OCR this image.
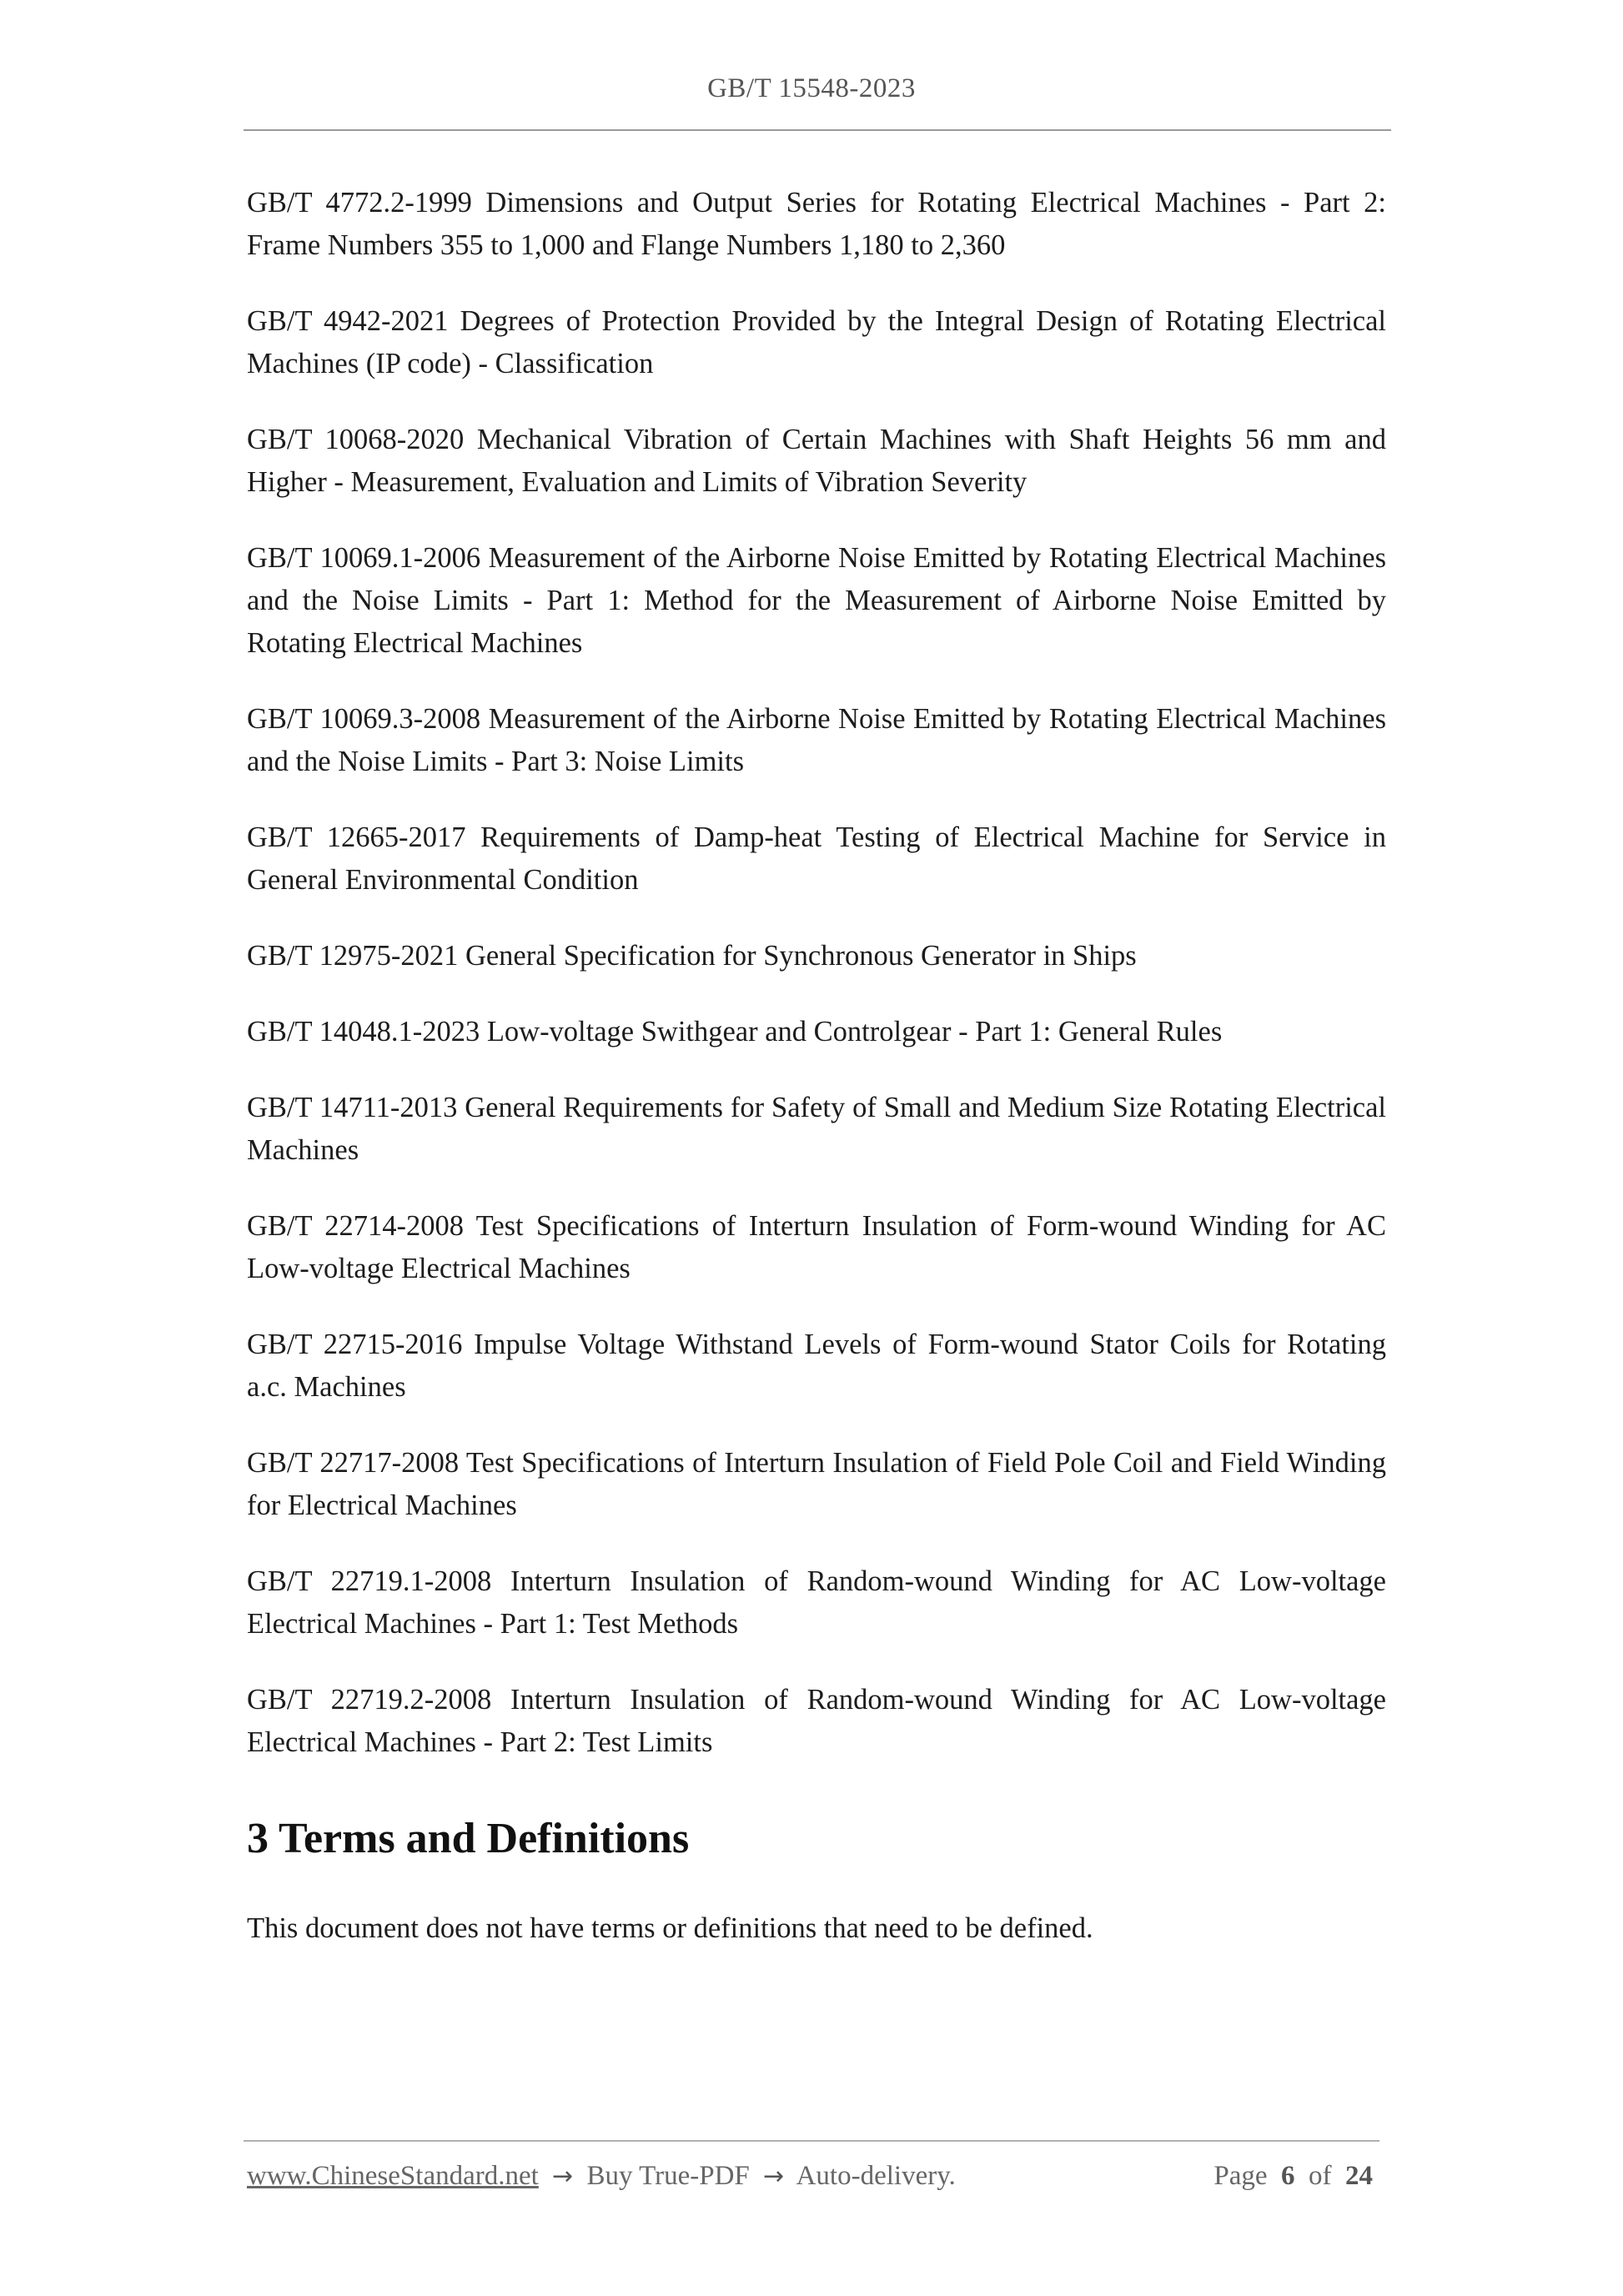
GB/T 15548-2023

GB/T 4772.2-1999 Dimensions and Output Series for Rotating Electrical Machines - Part 2: Frame Numbers 355 to 1,000 and Flange Numbers 1,180 to 2,360

GB/T 4942-2021 Degrees of Protection Provided by the Integral Design of Rotating Electrical Machines (IP code) - Classification

GB/T 10068-2020 Mechanical Vibration of Certain Machines with Shaft Heights 56 mm and Higher - Measurement, Evaluation and Limits of Vibration Severity

GB/T 10069.1-2006 Measurement of the Airborne Noise Emitted by Rotating Electrical Machines and the Noise Limits - Part 1: Method for the Measurement of Airborne Noise Emitted by Rotating Electrical Machines

GB/T 10069.3-2008 Measurement of the Airborne Noise Emitted by Rotating Electrical Machines and the Noise Limits - Part 3: Noise Limits

GB/T 12665-2017 Requirements of Damp-heat Testing of Electrical Machine for Service in General Environmental Condition

GB/T 12975-2021 General Specification for Synchronous Generator in Ships

GB/T 14048.1-2023 Low-voltage Swithgear and Controlgear - Part 1: General Rules

GB/T 14711-2013 General Requirements for Safety of Small and Medium Size Rotating Electrical Machines

GB/T 22714-2008 Test Specifications of Interturn Insulation of Form-wound Winding for AC Low-voltage Electrical Machines

GB/T 22715-2016 Impulse Voltage Withstand Levels of Form-wound Stator Coils for Rotating a.c. Machines

GB/T 22717-2008 Test Specifications of Interturn Insulation of Field Pole Coil and Field Winding for Electrical Machines

GB/T 22719.1-2008 Interturn Insulation of Random-wound Winding for AC Low-voltage Electrical Machines - Part 1: Test Methods

GB/T 22719.2-2008 Interturn Insulation of Random-wound Winding for AC Low-voltage Electrical Machines - Part 2: Test Limits

3 Terms and Definitions

This document does not have terms or definitions that need to be defined.

www.ChineseStandard.net → Buy True-PDF → Auto-delivery.	Page 6 of 24
